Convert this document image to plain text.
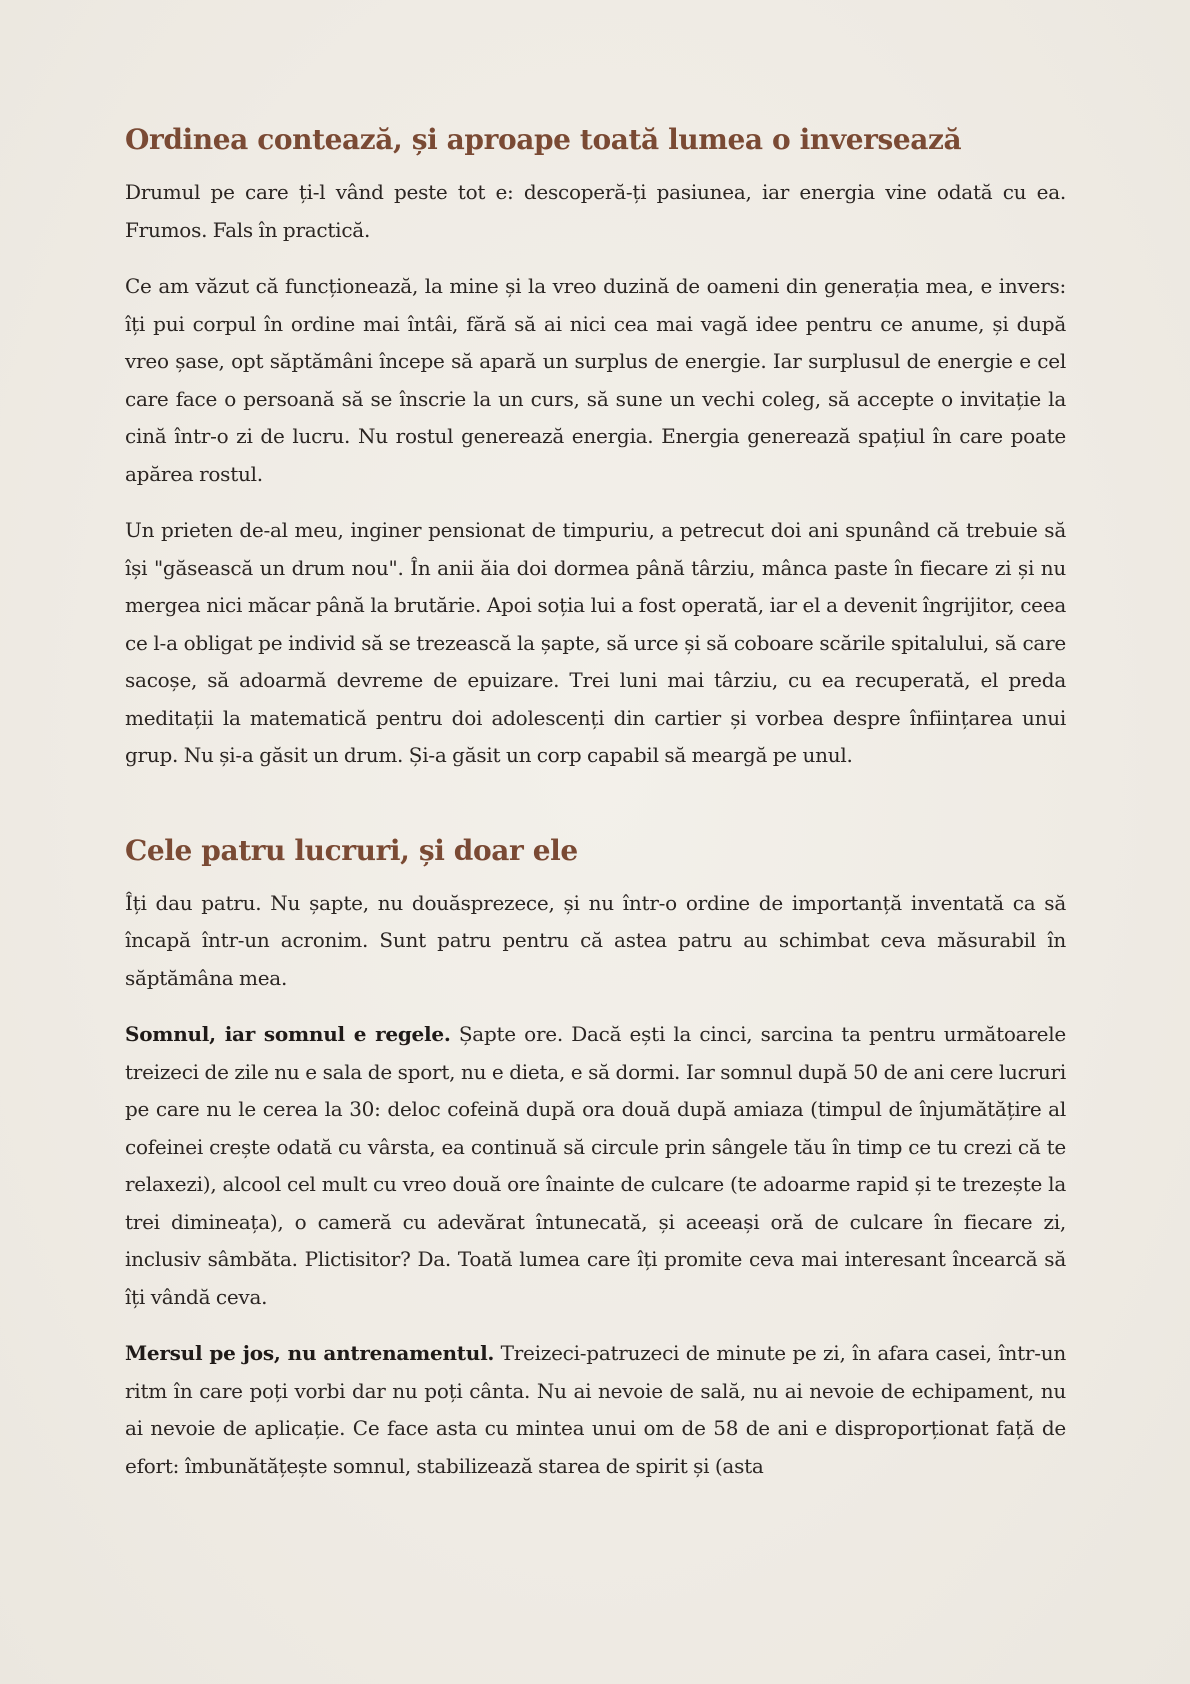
Ordinea contează, și aproape toată lumea o inversează

Drumul pe care ți-l vând peste tot e: descoperă-ți pasiunea, iar energia vine odată cu ea. Frumos. Fals în practică.

Ce am văzut că funcționează, la mine și la vreo duzină de oameni din generația mea, e invers: îți pui corpul în ordine mai întâi, fără să ai nici cea mai vagă idee pentru ce anume, și după vreo șase, opt săptămâni începe să apară un surplus de energie. Iar surplusul de energie e cel care face o persoană să se înscrie la un curs, să sune un vechi coleg, să accepte o invitație la cină într-o zi de lucru. Nu rostul generează energia. Energia generează spațiul în care poate apărea rostul.

Un prieten de-al meu, inginer pensionat de timpuriu, a petrecut doi ani spunând că trebuie să își "găsească un drum nou". În anii ăia doi dormea până târziu, mânca paste în fiecare zi și nu mergea nici măcar până la brutărie. Apoi soția lui a fost operată, iar el a devenit îngrijitor, ceea ce l-a obligat pe individ să se trezească la șapte, să urce și să coboare scările spitalului, să care sacoșe, să adoarmă devreme de epuizare. Trei luni mai târziu, cu ea recuperată, el preda meditații la matematică pentru doi adolescenți din cartier și vorbea despre înființarea unui grup. Nu și-a găsit un drum. Și-a găsit un corp capabil să meargă pe unul.

Cele patru lucruri, și doar ele

Îți dau patru. Nu șapte, nu douăsprezece, și nu într-o ordine de importanță inventată ca să încapă într-un acronim. Sunt patru pentru că astea patru au schimbat ceva măsurabil în săptămâna mea.

Somnul, iar somnul e regele. Șapte ore. Dacă ești la cinci, sarcina ta pentru următoarele treizeci de zile nu e sala de sport, nu e dieta, e să dormi. Iar somnul după 50 de ani cere lucruri pe care nu le cerea la 30: deloc cofeină după ora două după amiaza (timpul de înjumătățire al cofeinei crește odată cu vârsta, ea continuă să circule prin sângele tău în timp ce tu crezi că te relaxezi), alcool cel mult cu vreo două ore înainte de culcare (te adoarme rapid și te trezește la trei dimineața), o cameră cu adevărat întunecată, și aceeași oră de culcare în fiecare zi, inclusiv sâmbăta. Plictisitor? Da. Toată lumea care îți promite ceva mai interesant încearcă să îți vândă ceva.

Mersul pe jos, nu antrenamentul. Treizeci-patruzeci de minute pe zi, în afara casei, într-un ritm în care poți vorbi dar nu poți cânta. Nu ai nevoie de sală, nu ai nevoie de echipament, nu ai nevoie de aplicație. Ce face asta cu mintea unui om de 58 de ani e disproporționat față de efort: îmbunătățește somnul, stabilizează starea de spirit și (asta
